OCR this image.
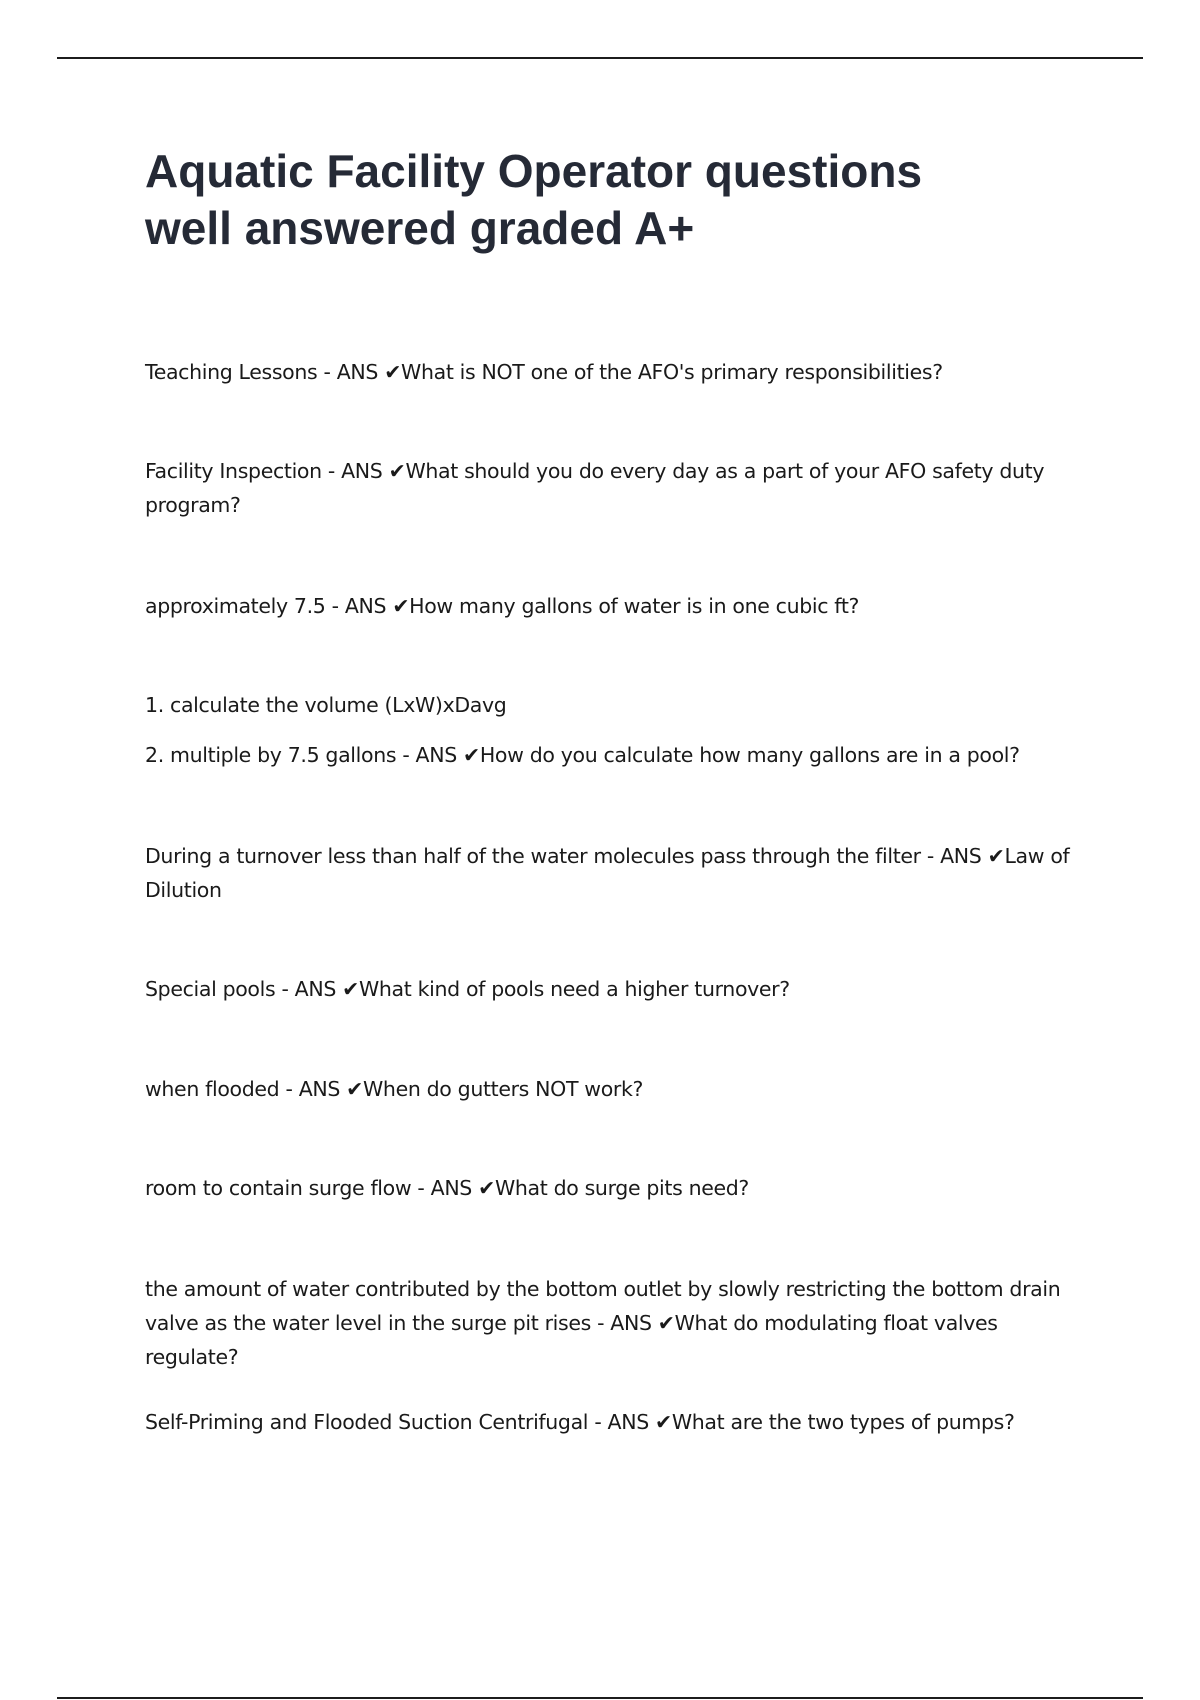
Aquatic Facility Operator questions
well answered graded A+

Teaching Lessons - ANS ✔What is NOT one of the AFO's primary responsibilities?

Facility Inspection - ANS ✔What should you do every day as a part of your AFO safety duty program?

approximately 7.5 - ANS ✔How many gallons of water is in one cubic ft?

1. calculate the volume (LxW)xDavg

2. multiple by 7.5 gallons - ANS ✔How do you calculate how many gallons are in a pool?

During a turnover less than half of the water molecules pass through the filter - ANS ✔Law of Dilution

Special pools - ANS ✔What kind of pools need a higher turnover?

when flooded - ANS ✔When do gutters NOT work?

room to contain surge flow - ANS ✔What do surge pits need?

the amount of water contributed by the bottom outlet by slowly restricting the bottom drain valve as the water level in the surge pit rises - ANS ✔What do modulating float valves regulate?

Self-Priming and Flooded Suction Centrifugal - ANS ✔What are the two types of pumps?
